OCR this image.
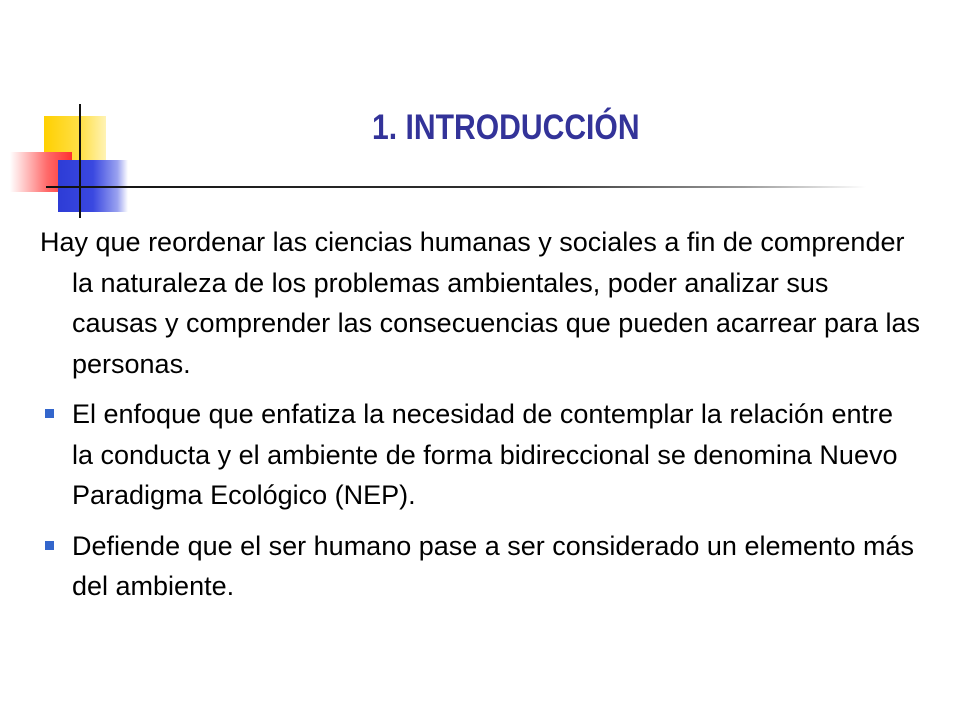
1. INTRODUCCIÓN

Hay que reordenar las ciencias humanas y sociales a fin de comprender la naturaleza de los problemas ambientales, poder analizar sus causas y comprender las consecuencias que pueden acarrear para las personas.

El enfoque que enfatiza la necesidad de contemplar la relación entre la conducta y el ambiente de forma bidireccional se denomina Nuevo Paradigma Ecológico (NEP).
Defiende que el ser humano pase a ser considerado un elemento más del ambiente.
